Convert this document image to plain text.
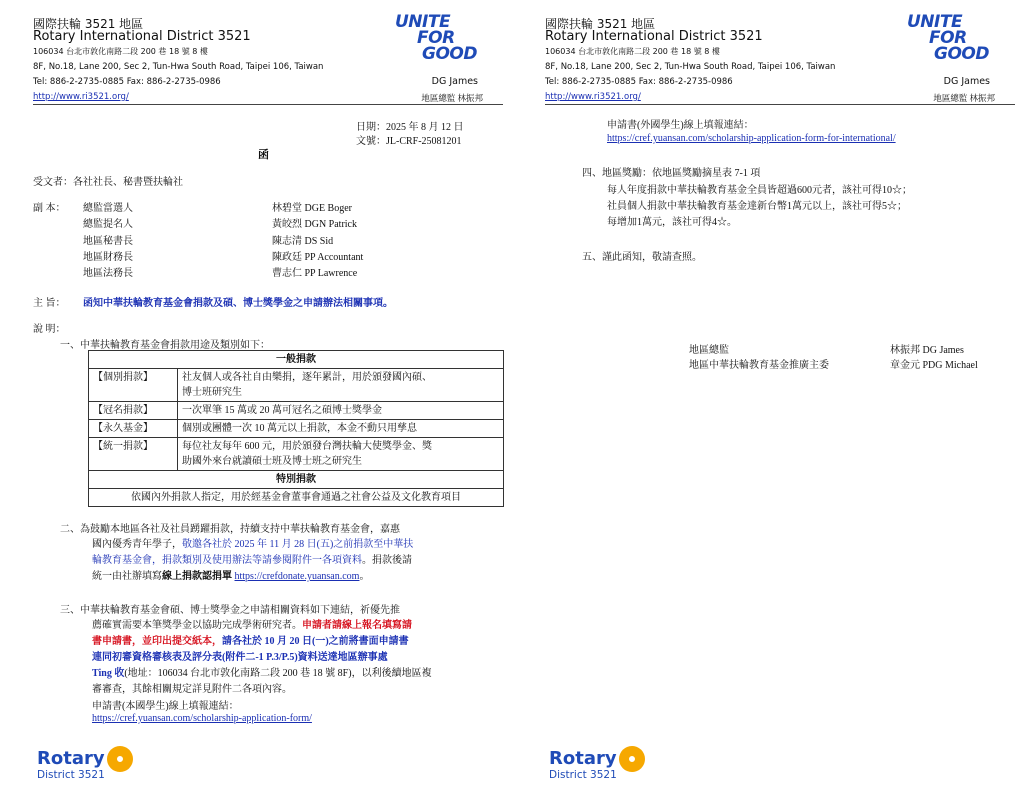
國際扶輪 3521 地區
Rotary International District 3521
106034 台北市敦化南路二段 200 巷 18 號 8 樓
8F, No.18, Lane 200, Sec 2, Tun-Hwa South Road, Taipei 106, Taiwan
Tel: 886-2-2735-0885 Fax: 886-2-2735-0986
http://www.ri3521.org/
DG James
地區總監 林振邦
UNITE
FOR
GOOD
日期：2025 年 8 月 12 日
文號：JL-CRF-25081201
函
受文者：各社社長、秘書暨扶輪社
副 本： 總監當選人	林碧堂 DGE Boger
總監提名人	黃皎烈 DGN Patrick
地區秘書長	陳志清 DS Sid
地區財務長	陳政廷 PP Accountant
地區法務長	曹志仁 PP Lawrence
主 旨： 函知中華扶輪教育基金會捐款及碩、博士獎學金之申請辦法相關事項。
說 明：
一、中華扶輪教育基金會捐款用途及類別如下：
一般捐款	
【個別捐款】	社友個人或各社自由樂捐，逐年累計，用於頒發國內碩、
博士班研究生
【冠名捐款】	一次單筆 15 萬或 20 萬可冠名之碩博士獎學金
【永久基金】	個別或團體一次 10 萬元以上捐款，本金不動只用孳息
【統一捐款】	每位社友每年 600 元，用於頒發台灣扶輪大使獎學金、獎
助國外來台就讀碩士班及博士班之研究生
特別捐款	
依國內外捐款人指定，用於經基金會董事會通過之社會公益及文化教育項目	
二、為鼓勵本地區各社及社員踴躍捐款，持續支持中華扶輪教育基金會，嘉惠
國內優秀青年學子，敬邀各社於 2025 年 11 月 28 日(五)之前捐款至中華扶
輪教育基金會，捐款類別及使用辦法等請參閱附件一各項資料。捐款後請
統一由社辦填寫線上捐款認捐單 https://crefdonate.yuansan.com。
三、中華扶輪教育基金會碩、博士獎學金之申請相關資料如下連結，祈優先推
薦確實需要本筆獎學金以協助完成學術研究者。申請者請線上報名填寫請
書申請書，並印出提交紙本，請各社於 10 月 20 日(一)之前將書面申請書
連同初審資格審核表及評分表(附件二-1 P.3/P.5)資料送達地區辦事處
Ting 收(地址：106034 台北市敦化南路二段 200 巷 18 號 8F)，以利後續地區複
審審查，其餘相關規定詳見附件二各項內容。
申請書(本國學生)線上填報連結：
https://cref.yuansan.com/scholarship-application-form/
Rotary
District 3521
國際扶輪 3521 地區
Rotary International District 3521
106034 台北市敦化南路二段 200 巷 18 號 8 樓
8F, No.18, Lane 200, Sec 2, Tun-Hwa South Road, Taipei 106, Taiwan
Tel: 886-2-2735-0885 Fax: 886-2-2735-0986
http://www.ri3521.org/
DG James
地區總監 林振邦
UNITE
FOR
GOOD
申請書(外國學生)線上填報連結：
https://cref.yuansan.com/scholarship-application-form-for-international/
四、地區獎勵：依地區獎勵摘星表 7-1 項
每人年度捐款中華扶輪教育基金全員皆超過600元者，該社可得10☆；
社員個人捐款中華扶輪教育基金達新台幣1萬元以上，該社可得5☆；
每增加1萬元，該社可得4☆。
五、謹此函知，敬請查照。
地區總監	林振邦 DG James
地區中華扶輪教育基金推廣主委	章金元 PDG Michael
Rotary
District 3521
